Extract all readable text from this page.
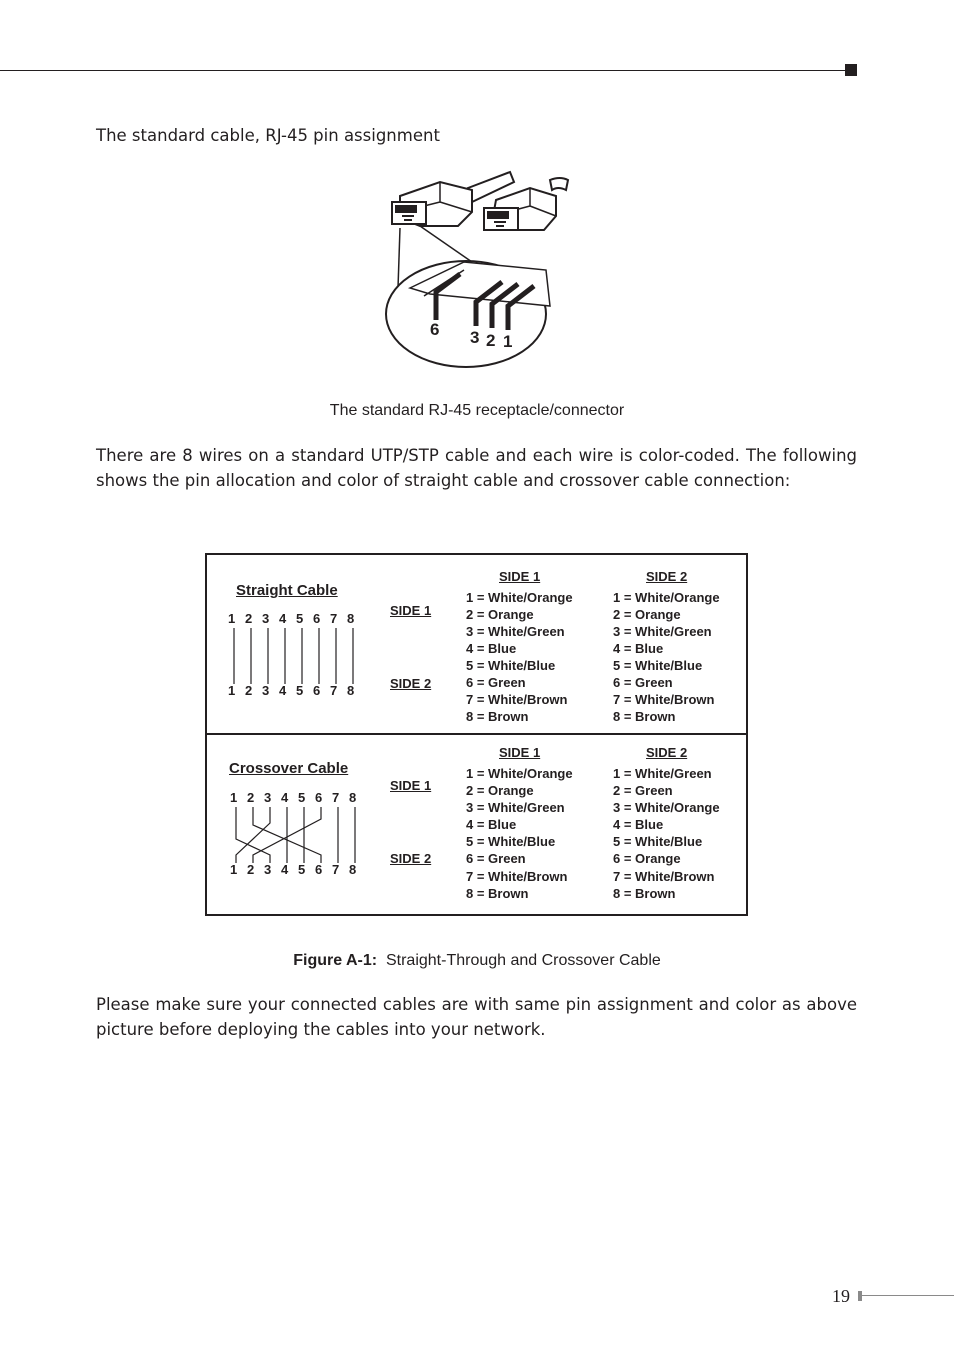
The standard cable, RJ-45 pin assignment
6 3 2 1
The standard RJ-45 receptacle/connector
There are 8 wires on a standard UTP/STP cable and each wire is color-coded. The following shows the pin allocation and color of straight cable and crossover cable connection:
Straight Cable
1 2 3 4 5 6 7 8
1 2 3 4 5 6 7 8
SIDE 1
SIDE 2
SIDE 1	SIDE 2
1 = White/Orange
2 = Orange
3 = White/Green
4 = Blue
5 = White/Blue
6 = Green
7 = White/Brown
8 = Brown
1 = White/Orange
2 = Orange
3 = White/Green
4 = Blue
5 = White/Blue
6 = Green
7 = White/Brown
8 = Brown
Crossover Cable
1 2 3 4 5 6 7 8
1 2 3 4 5 6 7 8
SIDE 1
SIDE 2
SIDE 1	SIDE 2
1 = White/Orange
2 = Orange
3 = White/Green
4 = Blue
5 = White/Blue
6 = Green
7 = White/Brown
8 = Brown
1 = White/Green
2 = Green
3 = White/Orange
4 = Blue
5 = White/Blue
6 = Orange
7 = White/Brown
8 = Brown
Figure A-1: Straight-Through and Crossover Cable
Please make sure your connected cables are with same pin assignment and color as above picture before deploying the cables into your network.
19
